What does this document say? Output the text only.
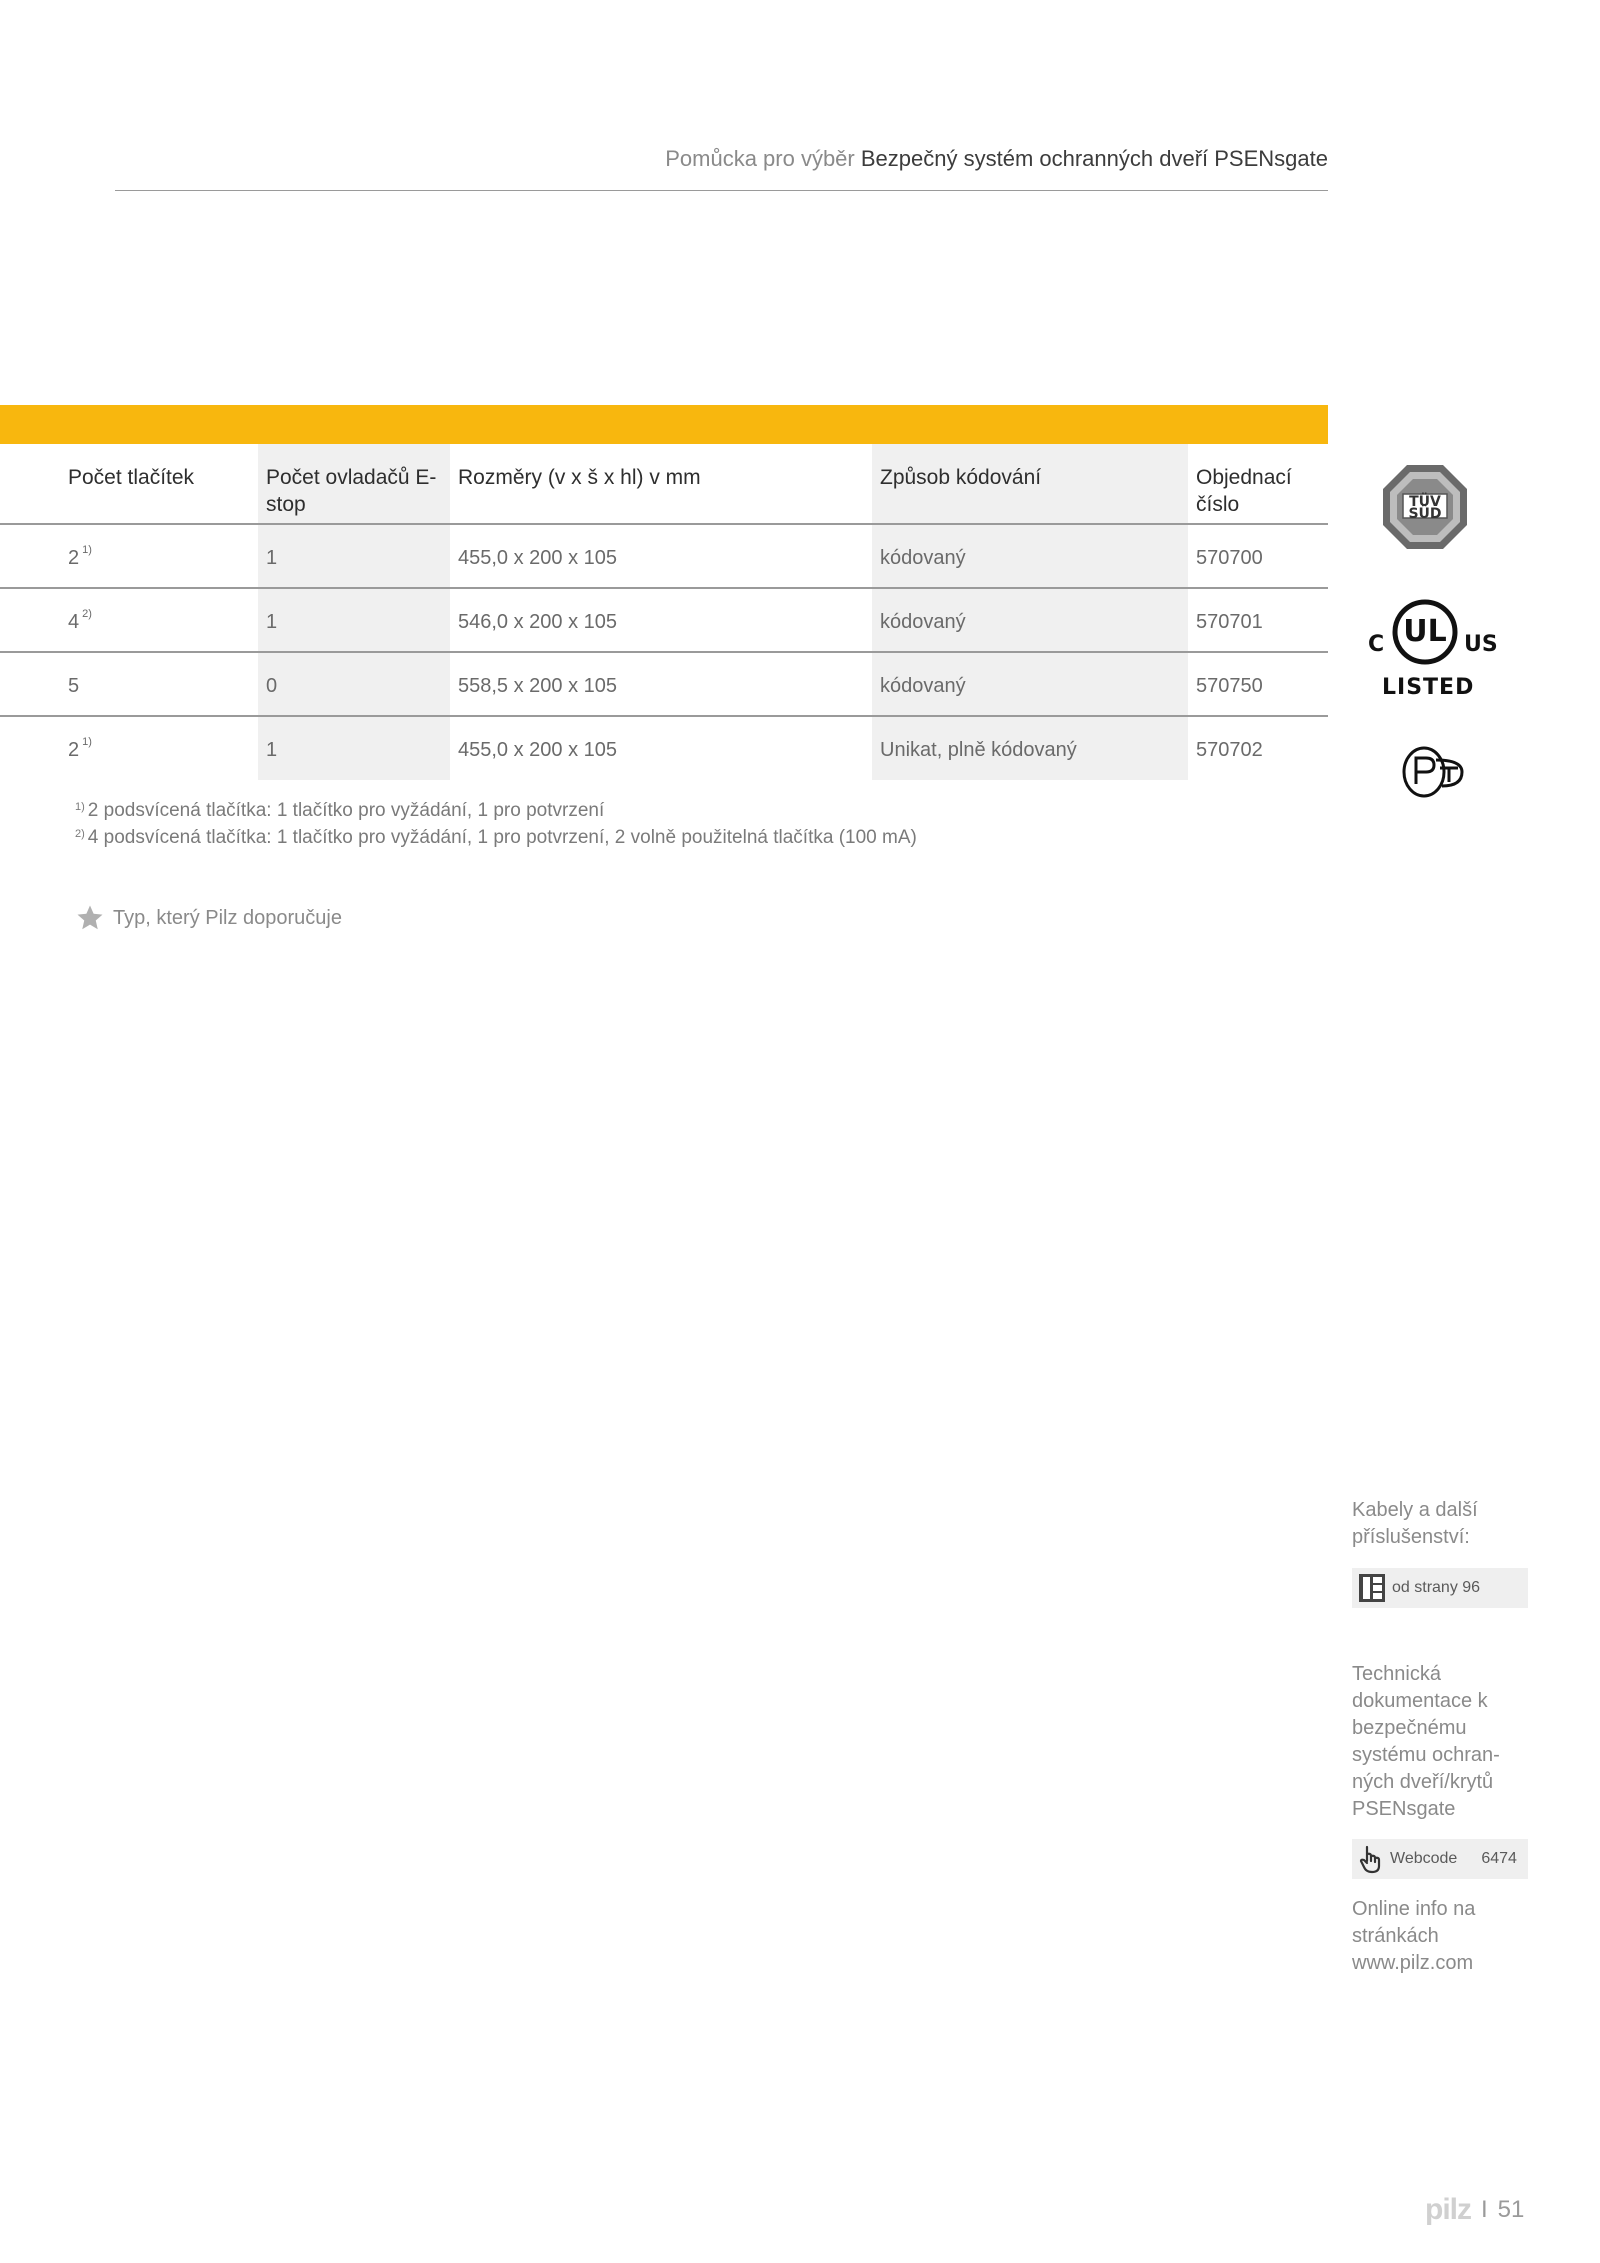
Pomůcka pro výběr Bezpečný systém ochranných dveří PSENsgate
Počet tlačítek	Počet ovladačů E-stop	Rozměry (v x š x hl) v mm	Způsob kódování	Objednací číslo
2 $^{1)}$	1	455,0 x 200 x 105	kódovaný	570700
4 $^{2)}$	1	546,0 x 200 x 105	kódovaný	570701
5	0	558,5 x 200 x 105	kódovaný	570750
2 $^{1)}$	1	455,0 x 200 x 105	Unikat, plně kódovaný	570702
$^{1)}$ 2 podsvícená tlačítka: 1 tlačítko pro vyžádání, 1 pro potvrzení
$^{2)}$ 4 podsvícená tlačítka: 1 tlačítko pro vyžádání, 1 pro potvrzení, 2 volně použitelná tlačítka (100 mA)
Typ, který Pilz doporučuje
TÜV SÜD
UL
C	US
LISTED
Kabely a další příslušenství:
od strany 96
Technická dokumentace k bezpečnému systému ochran-ných dveří/krytů PSENsgate
Webcode 6474
Online info na stránkách www.pilz.com
pilz I 51
